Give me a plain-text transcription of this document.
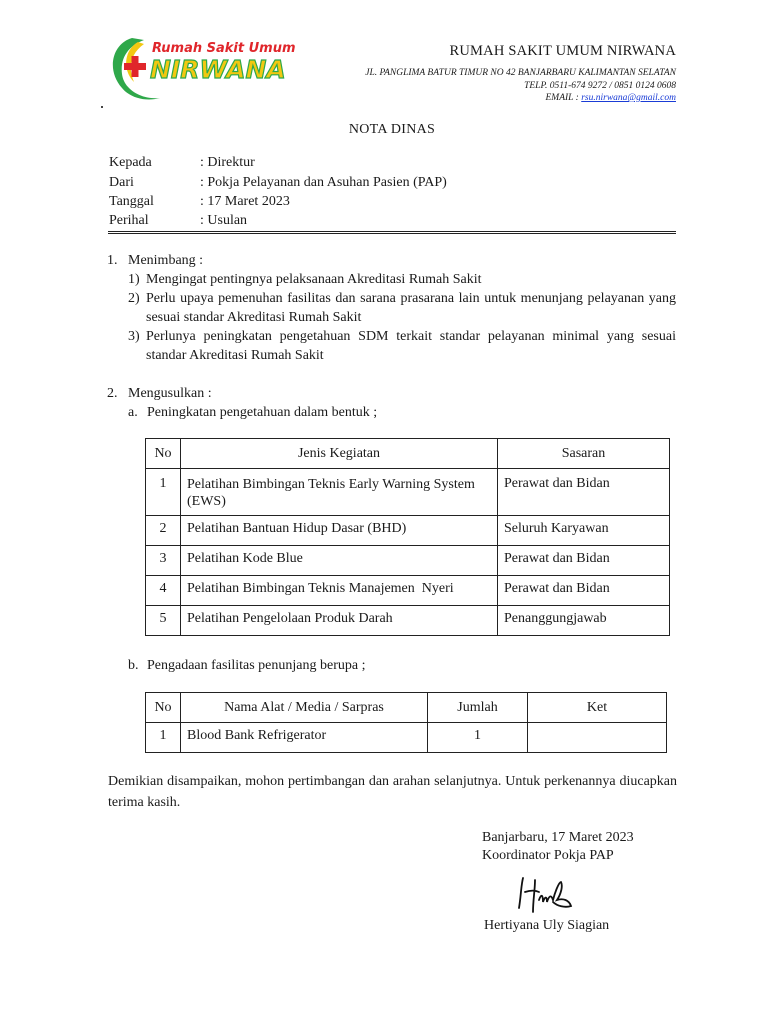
Rumah Sakit Umum
NIRWANA
RUMAH SAKIT UMUM NIRWANA
JL. PANGLIMA BATUR TIMUR NO 42 BANJARBARU KALIMANTAN SELATAN
TELP. 0511-674 9272 / 0851 0124 0608
EMAIL : rsu.nirwana@gmail.com
NOTA DINAS
Kepada	: Direktur
Dari	: Pokja Pelayanan dan Asuhan Pasien (PAP)
Tanggal	: 17 Maret 2023
Perihal	: Usulan
1. Menimbang :
1) Mengingat pentingnya pelaksanaan Akreditasi Rumah Sakit
2) Perlu upaya pemenuhan fasilitas dan sarana prasarana lain untuk menunjang pelayanan yang sesuai standar Akreditasi Rumah Sakit
3) Perlunya peningkatan pengetahuan SDM terkait standar pelayanan minimal yang sesuai standar Akreditasi Rumah Sakit
2. Mengusulkan :
a. Peningkatan pengetahuan dalam bentuk ;
No	Jenis Kegiatan	Sasaran
1	Pelatihan Bimbingan Teknis Early Warning System (EWS)	Perawat dan Bidan
2	Pelatihan Bantuan Hidup Dasar (BHD)	Seluruh Karyawan
3	Pelatihan Kode Blue	Perawat dan Bidan
4	Pelatihan Bimbingan Teknis Manajemen  Nyeri	Perawat dan Bidan
5	Pelatihan Pengelolaan Produk Darah	Penanggungjawab
b. Pengadaan fasilitas penunjang berupa ;
No	Nama Alat / Media / Sarpras	Jumlah	Ket
1	Blood Bank Refrigerator	1	
Demikian disampaikan, mohon pertimbangan dan arahan selanjutnya. Untuk perkenannya diucapkan terima kasih.
Banjarbaru, 17 Maret 2023
Koordinator Pokja PAP
Hertiyana Uly Siagian
